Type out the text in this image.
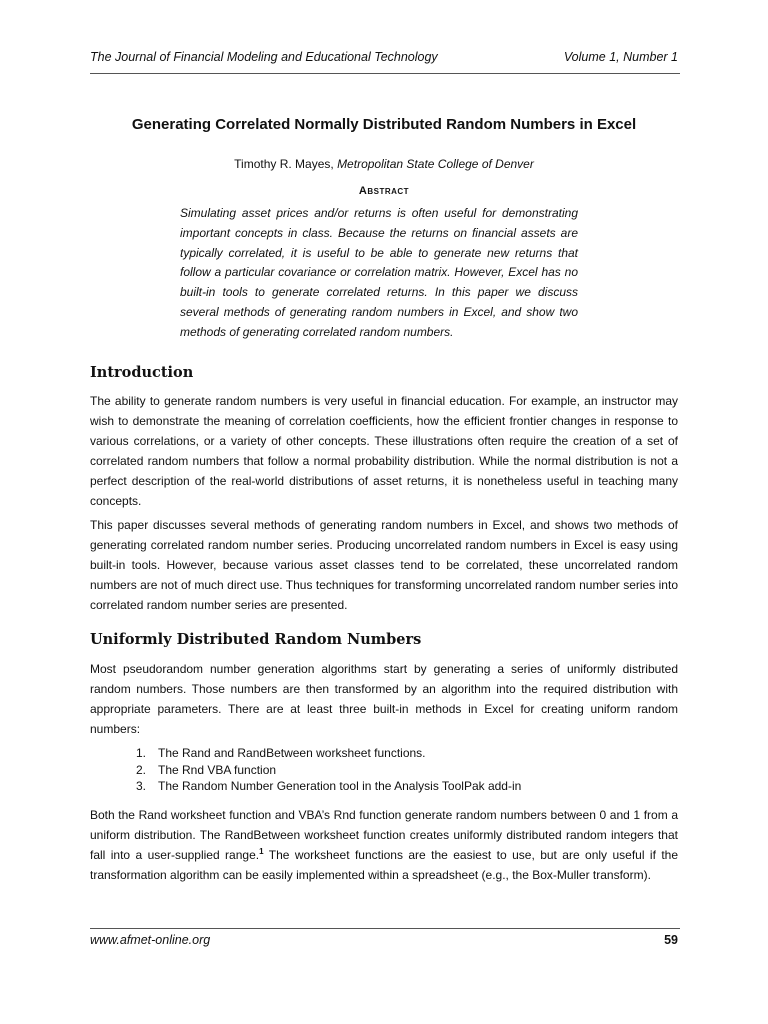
The Journal of Financial Modeling and Educational Technology	Volume 1, Number 1
Generating Correlated Normally Distributed Random Numbers in Excel
Timothy R. Mayes, Metropolitan State College of Denver
Abstract

Simulating asset prices and/or returns is often useful for demonstrating important concepts in class. Because the returns on financial assets are typically correlated, it is useful to be able to generate new returns that follow a particular covariance or correlation matrix. However, Excel has no built-in tools to generate correlated returns. In this paper we discuss several methods of generating random numbers in Excel, and show two methods of generating correlated random numbers.

Introduction

The ability to generate random numbers is very useful in financial education. For example, an instructor may wish to demonstrate the meaning of correlation coefficients, how the efficient frontier changes in response to various correlations, or a variety of other concepts. These illustrations often require the creation of a set of correlated random numbers that follow a normal probability distribution. While the normal distribution is not a perfect description of the real-world distributions of asset returns, it is nonetheless useful in teaching many concepts.

This paper discusses several methods of generating random numbers in Excel, and shows two methods of generating correlated random number series. Producing uncorrelated random numbers in Excel is easy using built-in tools. However, because various asset classes tend to be correlated, these uncorrelated random numbers are not of much direct use. Thus techniques for transforming uncorrelated random number series into correlated random number series are presented.

Uniformly Distributed Random Numbers

Most pseudorandom number generation algorithms start by generating a series of uniformly distributed random numbers. Those numbers are then transformed by an algorithm into the required distribution with appropriate parameters. There are at least three built-in methods in Excel for creating uniform random numbers:

1. The Rand and RandBetween worksheet functions.
2. The Rnd VBA function
3. The Random Number Generation tool in the Analysis ToolPak add-in

Both the Rand worksheet function and VBA’s Rnd function generate random numbers between 0 and 1 from a uniform distribution. The RandBetween worksheet function creates uniformly distributed random integers that fall into a user-supplied range.$^1$ The worksheet functions are the easiest to use, but are only useful if the transformation algorithm can be easily implemented within a spreadsheet (e.g., the Box-Muller transform).

www.afmet-online.org	59
